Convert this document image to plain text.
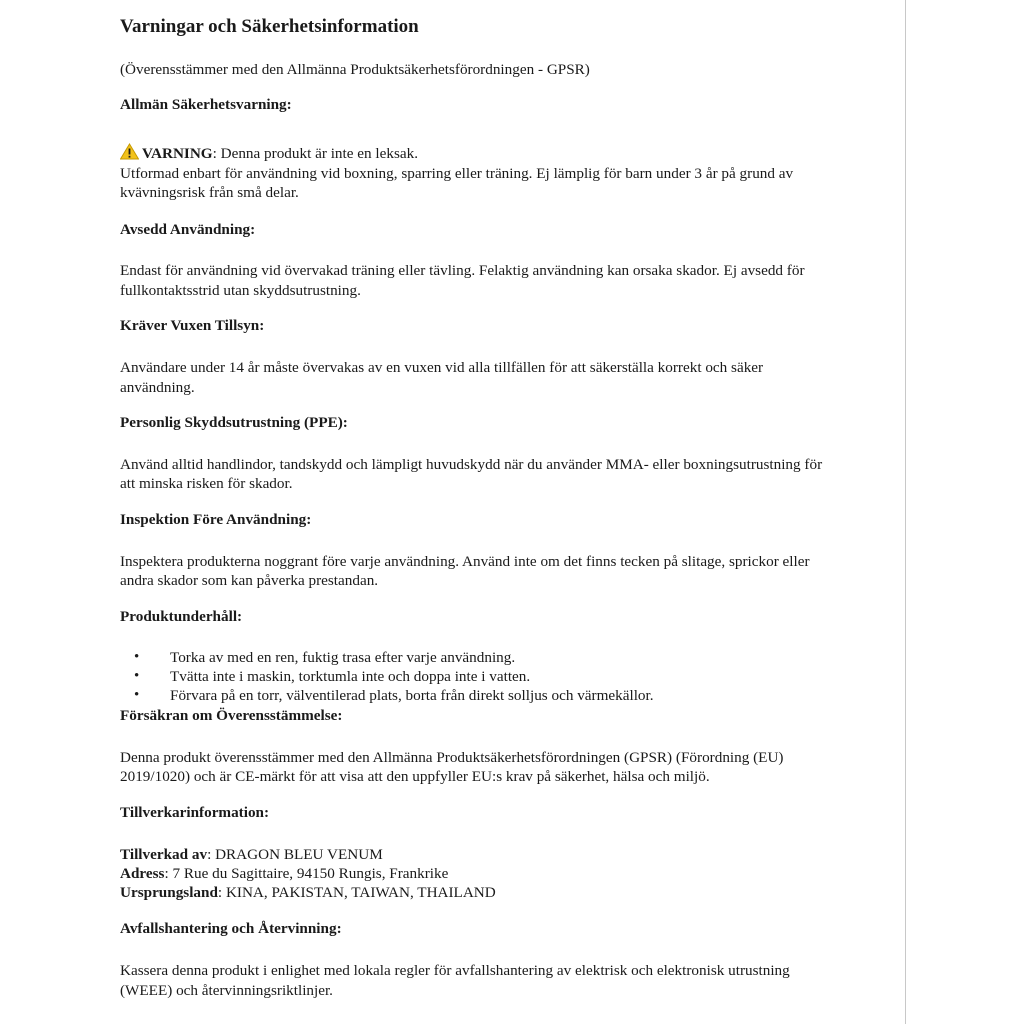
Varningar och Säkerhetsinformation
(Överensstämmer med den Allmänna Produktsäkerhetsförordningen - GPSR)
Allmän Säkerhetsvarning:
VARNING: Denna produkt är inte en leksak.
Utformad enbart för användning vid boxning, sparring eller träning. Ej lämplig för barn under 3 år på grund av
kvävningsrisk från små delar.
Avsedd Användning:
Endast för användning vid övervakad träning eller tävling. Felaktig användning kan orsaka skador. Ej avsedd för
fullkontaktsstrid utan skyddsutrustning.
Kräver Vuxen Tillsyn:
Användare under 14 år måste övervakas av en vuxen vid alla tillfällen för att säkerställa korrekt och säker
användning.
Personlig Skyddsutrustning (PPE):
Använd alltid handlindor, tandskydd och lämpligt huvudskydd när du använder MMA- eller boxningsutrustning för
att minska risken för skador.
Inspektion Före Användning:
Inspektera produkterna noggrant före varje användning. Använd inte om det finns tecken på slitage, sprickor eller
andra skador som kan påverka prestandan.
Produktunderhåll:
• Torka av med en ren, fuktig trasa efter varje användning.
• Tvätta inte i maskin, torktumla inte och doppa inte i vatten.
• Förvara på en torr, välventilerad plats, borta från direkt solljus och värmekällor.
Försäkran om Överensstämmelse:
Denna produkt överensstämmer med den Allmänna Produktsäkerhetsförordningen (GPSR) (Förordning (EU)
2019/1020) och är CE-märkt för att visa att den uppfyller EU:s krav på säkerhet, hälsa och miljö.
Tillverkarinformation:
Tillverkad av: DRAGON BLEU VENUM
Adress: 7 Rue du Sagittaire, 94150 Rungis, Frankrike
Ursprungsland: KINA, PAKISTAN, TAIWAN, THAILAND
Avfallshantering och Återvinning:
Kassera denna produkt i enlighet med lokala regler för avfallshantering av elektrisk och elektronisk utrustning
(WEEE) och återvinningsriktlinjer.
